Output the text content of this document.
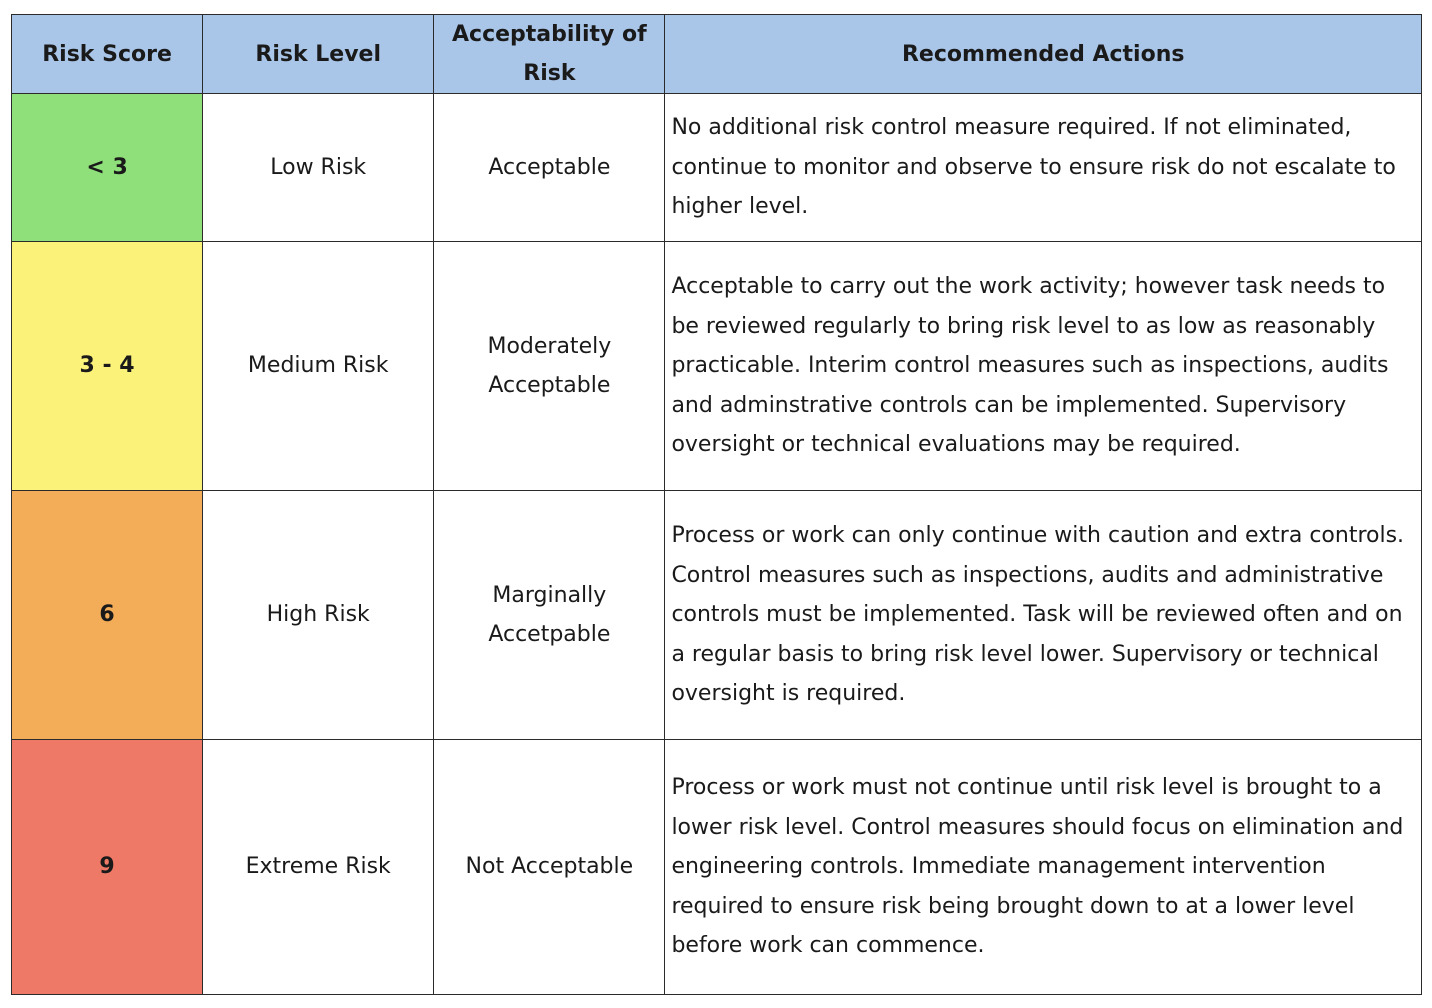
Risk Score	Risk Level	Acceptability of Risk	Recommended Actions
< 3	Low Risk	Acceptable	No additional risk control measure required. If not eliminated, continue to monitor and observe to ensure risk do not escalate to higher level.
3 - 4	Medium Risk	Moderately Acceptable	Acceptable to carry out the work activity; however task needs to be reviewed regularly to bring risk level to as low as reasonably practicable. Interim control measures such as inspections, audits and adminstrative controls can be implemented. Supervisory oversight or technical evaluations may be required.
6	High Risk	Marginally Accetpable	Process or work can only continue with caution and extra controls. Control measures such as inspections, audits and administrative controls must be implemented. Task will be reviewed often and on a regular basis to bring risk level lower. Supervisory or technical oversight is required.
9	Extreme Risk	Not Acceptable	Process or work must not continue until risk level is brought to a lower risk level. Control measures should focus on elimination and engineering controls. Immediate management intervention required to ensure risk being brought down to at a lower level before work can commence.
